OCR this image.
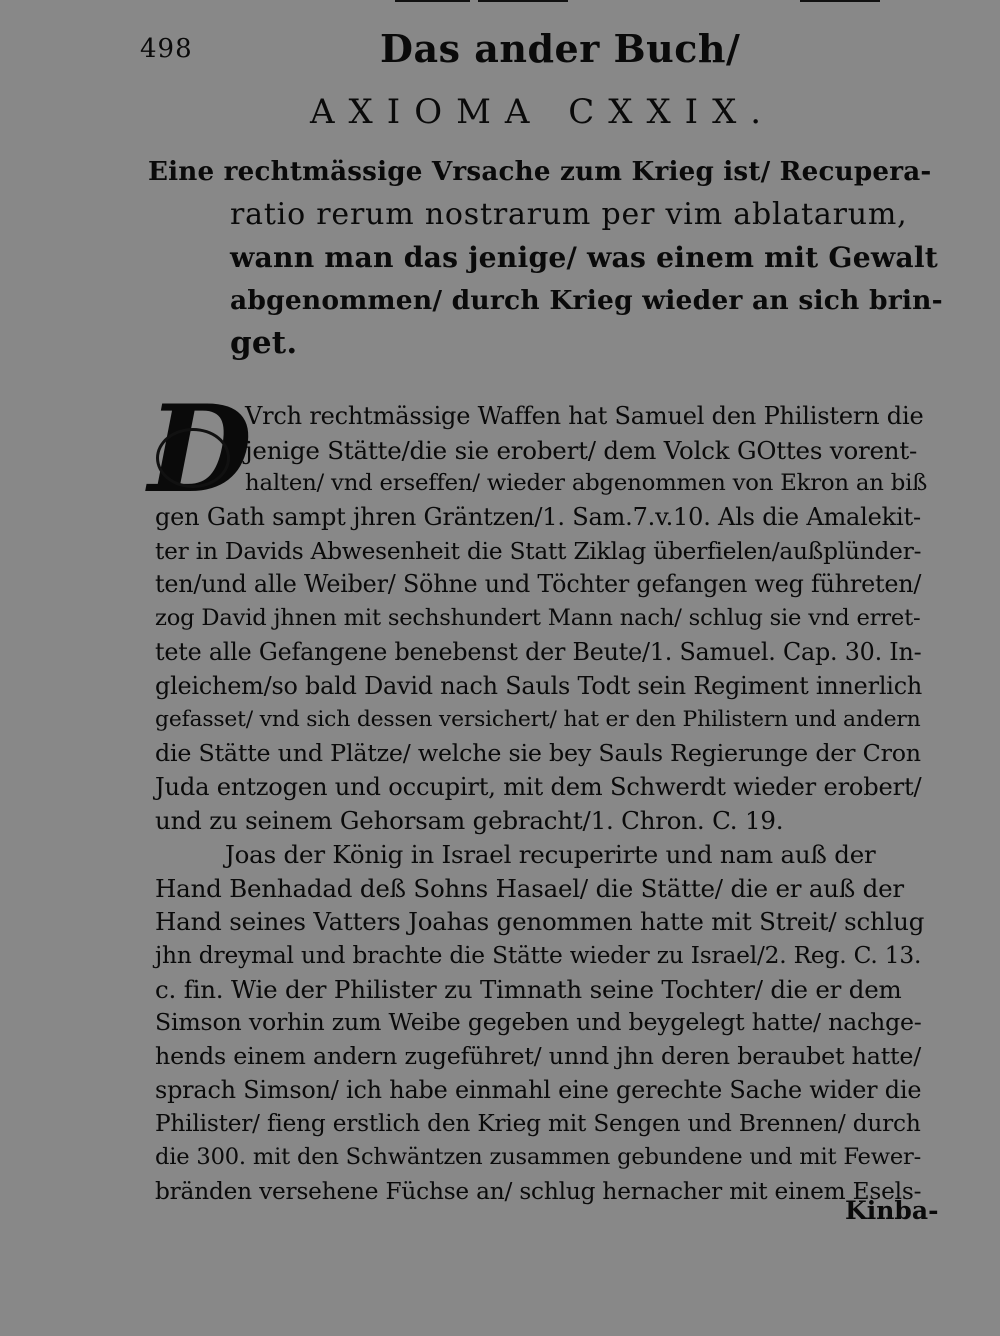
498	Das ander Buch/
AXIOMA CXXIX.
Eine rechtmässige Vrsache zum Krieg ist/ Recupera-
ratio rerum nostrarum per vim ablatarum,
wann man das jenige/ was einem mit Gewalt
abgenommen/ durch Krieg wieder an sich brin-
get.
D
Vrch rechtmässige Waffen hat Samuel den Philistern die
jenige Stätte/die sie erobert/ dem Volck GOttes vorent-
halten/ vnd erseffen/ wieder abgenommen von Ekron an biß
gen Gath sampt jhren Gräntzen/1. Sam.7.v.10. Als die Amalekit-
ter in Davids Abwesenheit die Statt Ziklag überfielen/außplünder-
ten/und alle Weiber/ Söhne und Töchter gefangen weg führeten/
zog David jhnen mit sechshundert Mann nach/ schlug sie vnd erret-
tete alle Gefangene benebenst der Beute/1. Samuel. Cap. 30. In-
gleichem/so bald David nach Sauls Todt sein Regiment innerlich
gefasset/ vnd sich dessen versichert/ hat er den Philistern und andern
die Stätte und Plätze/ welche sie bey Sauls Regierunge der Cron
Juda entzogen und occupirt, mit dem Schwerdt wieder erobert/
und zu seinem Gehorsam gebracht/1. Chron. C. 19.
Joas der König in Israel recuperirte und nam auß der
Hand Benhadad deß Sohns Hasael/ die Stätte/ die er auß der
Hand seines Vatters Joahas genommen hatte mit Streit/ schlug
jhn dreymal und brachte die Stätte wieder zu Israel/2. Reg. C. 13.
c. fin. Wie der Philister zu Timnath seine Tochter/ die er dem
Simson vorhin zum Weibe gegeben und beygelegt hatte/ nachge-
hends einem andern zugeführet/ unnd jhn deren beraubet hatte/
sprach Simson/ ich habe einmahl eine gerechte Sache wider die
Philister/ fieng erstlich den Krieg mit Sengen und Brennen/ durch
die 300. mit den Schwäntzen zusammen gebundene und mit Fewer-
bränden versehene Füchse an/ schlug hernacher mit einem Esels-
Kinba-
